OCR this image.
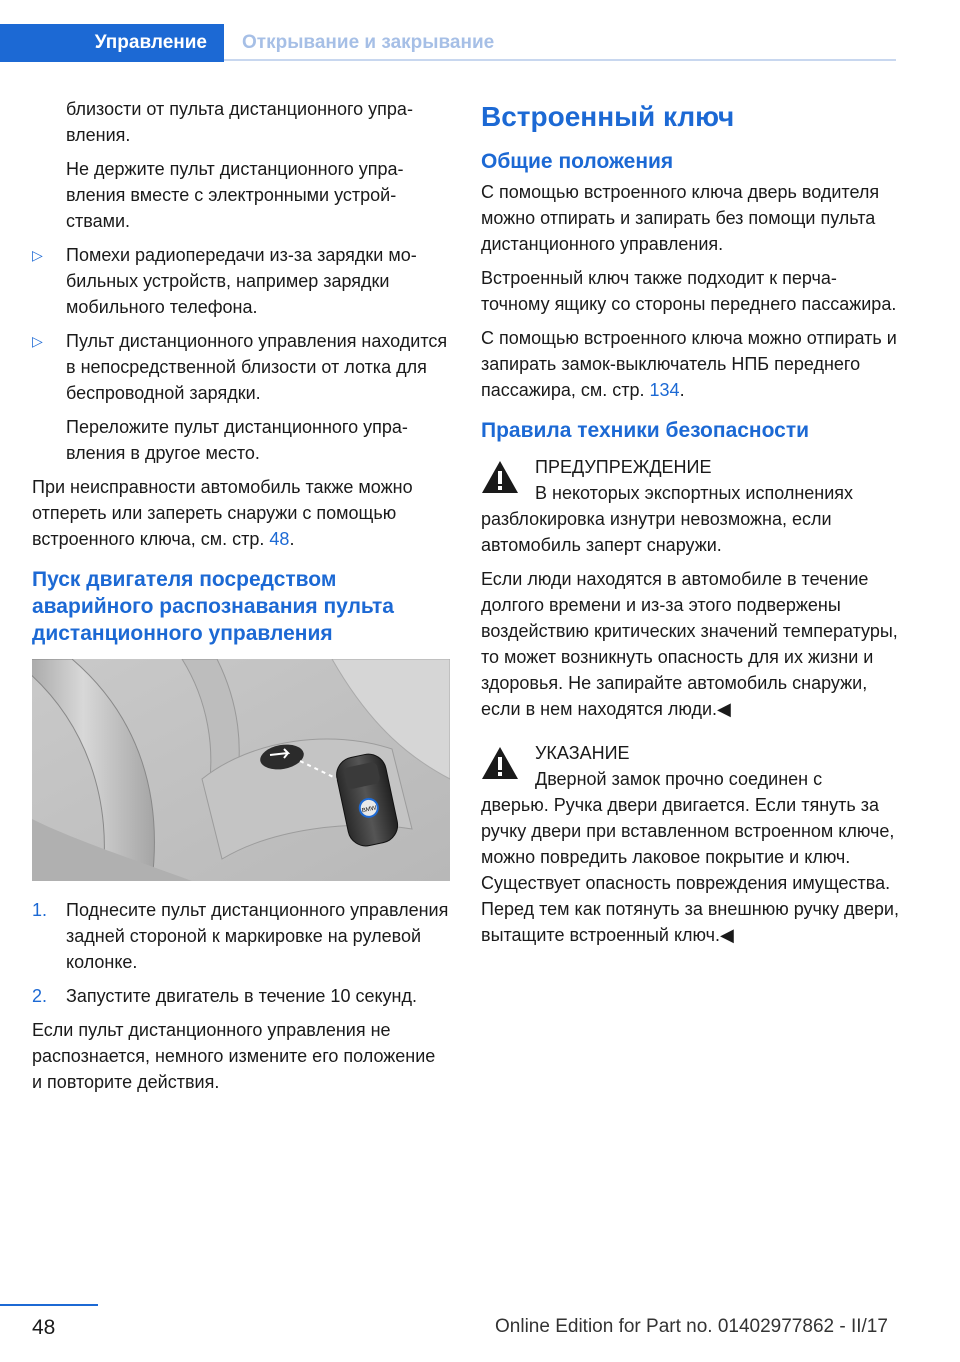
Управление	Открывание и закрывание

близости от пульта дистанционного управления.

Не держите пульт дистанционного управления вместе с электронными устройствами.

▷ Помехи радиопередачи из-за зарядки мобильных устройств, например зарядки мобильного телефона.
▷ Пульт дистанционного управления находится в непосредственной близости от лотка для беспроводной зарядки.

Переложите пульт дистанционного управления в другое место.

При неисправности автомобиль также можно отпереть или запереть снаружи с помощью встроенного ключа, см. стр. 48.

Пуск двигателя посредством аварийного распознавания пульта дистанционного управления
BMW
1. Поднесите пульт дистанционного управления задней стороной к маркировке на рулевой колонке.
2. Запустите двигатель в течение 10 секунд.

Если пульт дистанционного управления не распознается, немного измените его положение и повторите действия.

Встроенный ключ
Общие положения

С помощью встроенного ключа дверь водителя можно отпирать и запирать без помощи пульта дистанционного управления.

Встроенный ключ также подходит к перчаточному ящику со стороны переднего пассажира.

С помощью встроенного ключа можно отпирать и запирать замок-выключатель НПБ переднего пассажира, см. стр. 134.

Правила техники безопасности

ПРЕДУПРЕЖДЕНИЕ

В некоторых экспортных исполнениях

разблокировка изнутри невозможна, если автомобиль заперт снаружи.

Если люди находятся в автомобиле в течение долгого времени и из-за этого подвержены воздействию критических значений температуры, то может возникнуть опасность для их жизни и здоровья. Не запирайте автомобиль снаружи, если в нем находятся люди.◀

УКАЗАНИЕ

Дверной замок прочно соединен с

дверью. Ручка двери двигается. Если тянуть за ручку двери при вставленном встроенном ключе, можно повредить лаковое покрытие и ключ. Существует опасность повреждения имущества. Перед тем как потянуть за внешнюю ручку двери, вытащите встроенный ключ.◀

48	Online Edition for Part no. 01402977862 - II/17
